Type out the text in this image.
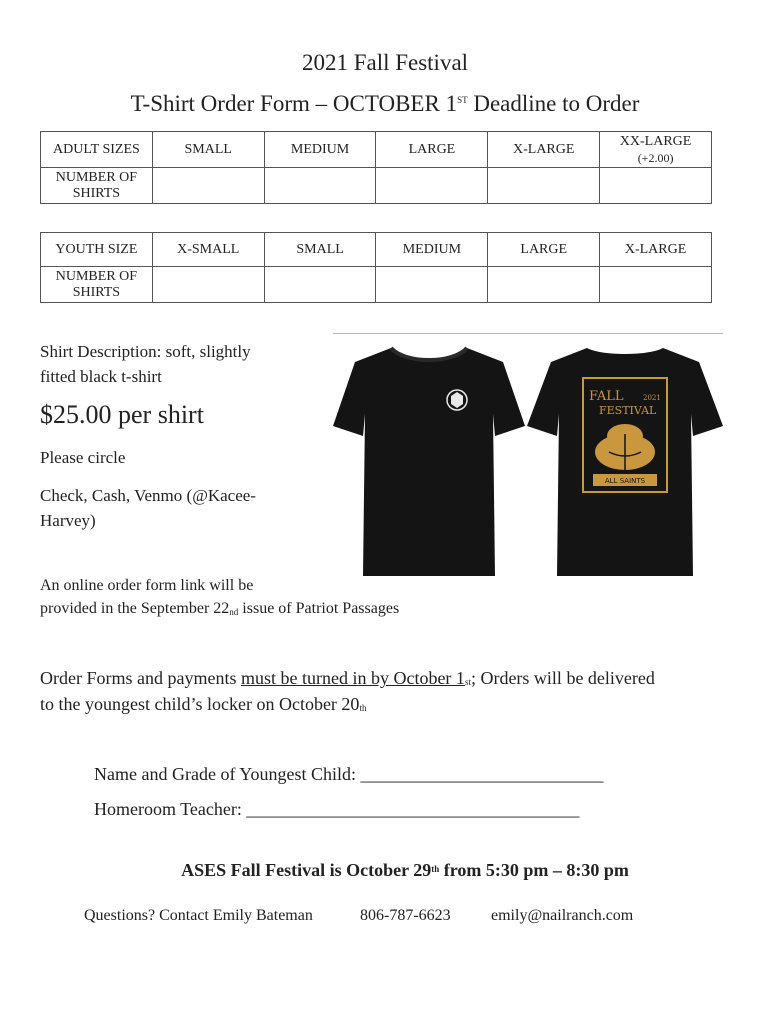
2021 Fall Festival
T-Shirt Order Form – OCTOBER 1ST Deadline to Order
ADULT SIZES	SMALL	MEDIUM	LARGE	X-LARGE	XX-LARGE
(+2.00)

NUMBER OF
SHIRTS					

YOUTH SIZE	X-SMALL	SMALL	MEDIUM	LARGE	X-LARGE

NUMBER OF
SHIRTS					

Shirt Description: soft, slightly
fitted black t-shirt
$25.00 per shirt
Please circle
Check, Cash, Venmo (@Kacee-
Harvey)
FALL	2021
FESTIVAL
ALL SAINTS
An online order form link will be
provided in the September 22nd issue of Patriot Passages
Order Forms and payments must be turned in by October 1st; Orders will be delivered
to the youngest child’s locker on October 20th
Name and Grade of Youngest Child: ___________________________
Homeroom Teacher: _____________________________________
ASES Fall Festival is October 29th from 5:30 pm – 8:30 pm
Questions? Contact Emily Bateman	806-787-6623	emily@nailranch.com
